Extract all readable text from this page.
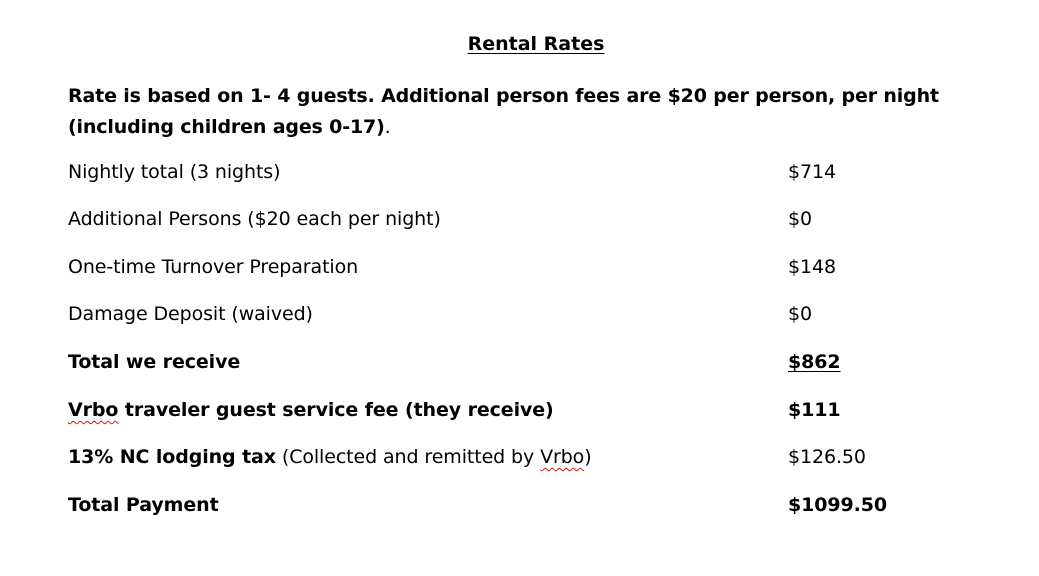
Rental Rates
Rate is based on 1- 4 guests. Additional person fees are $20 per person, per night (including children ages 0-17).
Nightly total (3 nights)	$714
Additional Persons ($20 each per night)	$0
One-time Turnover Preparation	$148
Damage Deposit (waived)	$0
Total we receive	$862
Vrbo traveler guest service fee (they receive)	$111
13% NC lodging tax (Collected and remitted by Vrbo)	$126.50
Total Payment	$1099.50
